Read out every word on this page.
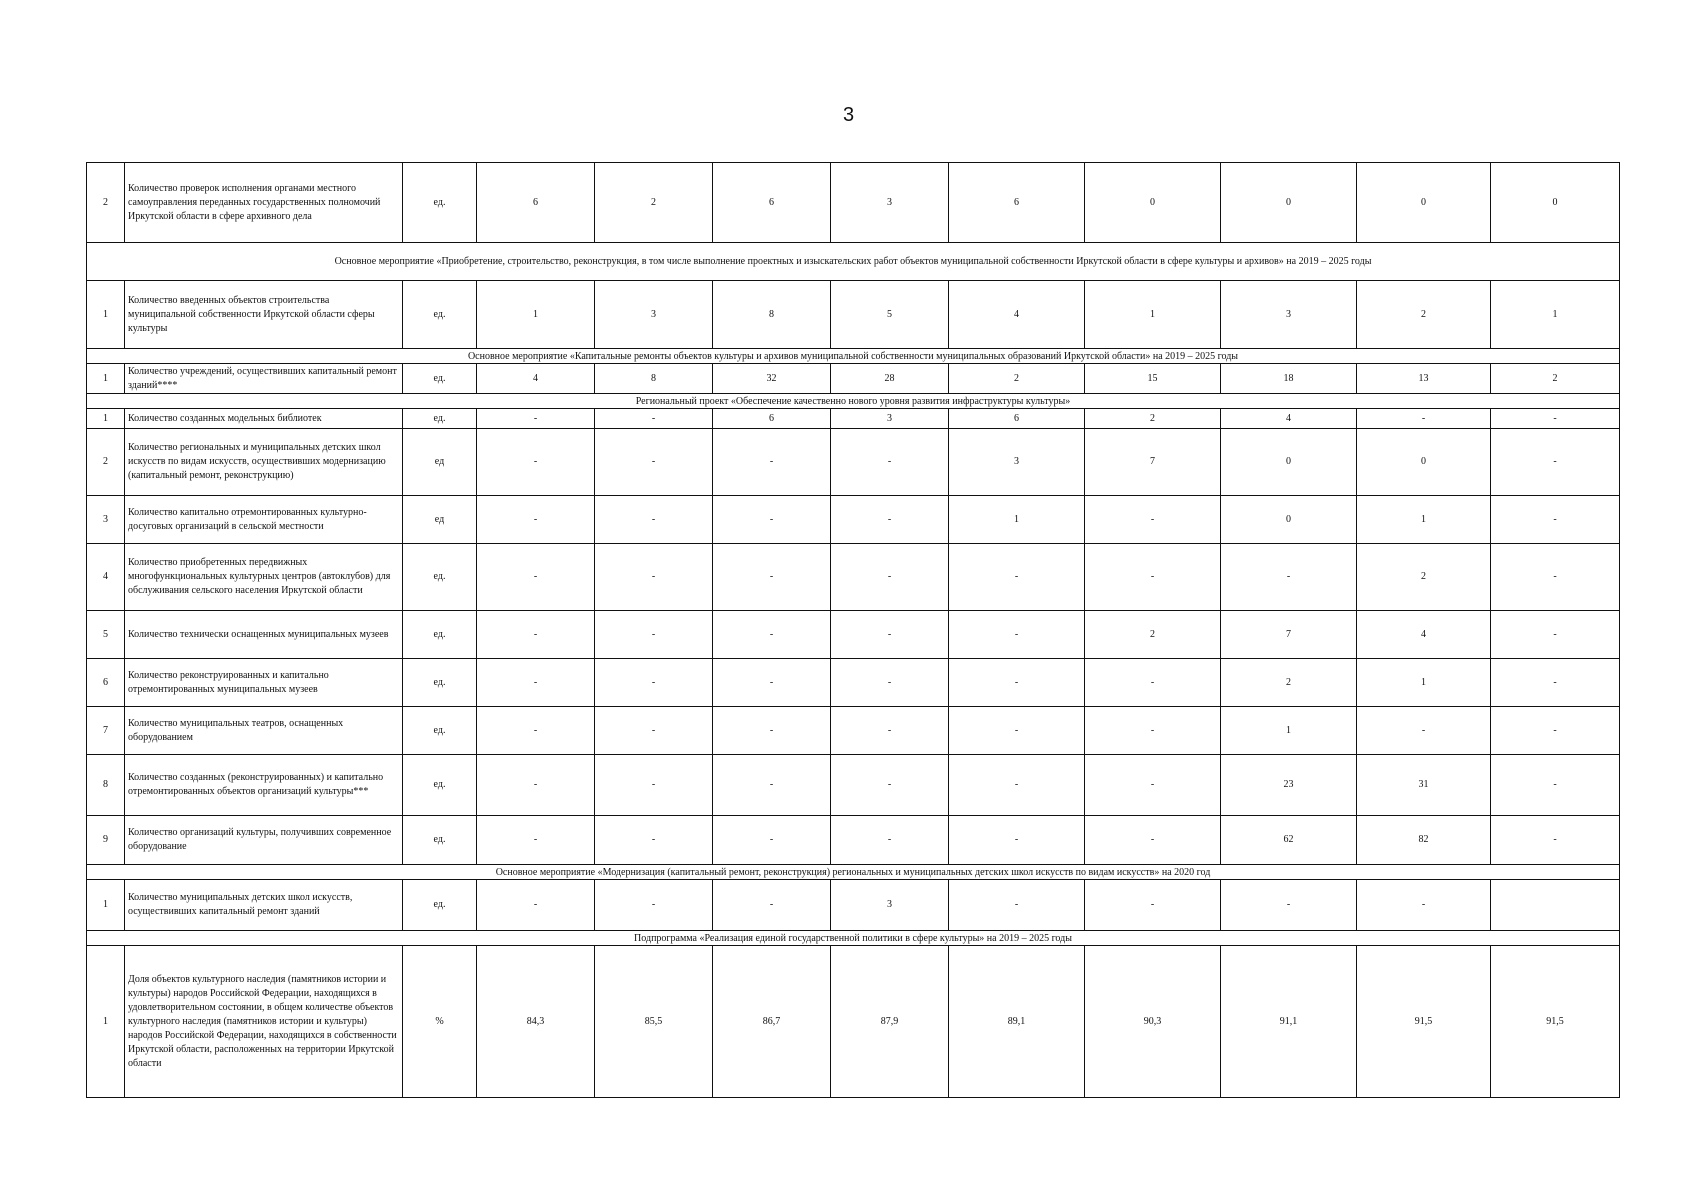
3
2	Количество проверок исполнения органами местного самоуправления переданных государственных полномочий Иркутской области в сфере архивного дела	ед.	6	2	6	3	6	0	0	0	0
Основное мероприятие «Приобретение, строительство, реконструкция, в том числе выполнение проектных и изыскательских работ объектов муниципальной собственности Иркутской области в сфере культуры и архивов» на 2019 – 2025 годы											
1	Количество введенных объектов строительства муниципальной собственности Иркутской области сферы культуры	ед.	1	3	8	5	4	1	3	2	1
Основное мероприятие «Капитальные ремонты объектов культуры и архивов муниципальной собственности муниципальных образований Иркутской области» на 2019 – 2025 годы											
1	Количество учреждений, осуществивших капитальный ремонт зданий****	ед.	4	8	32	28	2	15	18	13	2
Региональный проект «Обеспечение качественно нового уровня развития инфраструктуры культуры»											
1	Количество созданных модельных библиотек	ед.	-	-	6	3	6	2	4	-	-
2	Количество региональных и муниципальных детских школ искусств по видам искусств, осуществивших модернизацию (капитальный ремонт, реконструкцию)	ед	-	-	-	-	3	7	0	0	-
3	Количество капитально отремонтированных культурно-досуговых организаций в сельской местности	ед	-	-	-	-	1	-	0	1	-
4	Количество приобретенных передвижных многофункциональных культурных центров (автоклубов) для обслуживания сельского населения Иркутской области	ед.	-	-	-	-	-	-	-	2	-
5	Количество технически оснащенных муниципальных музеев	ед.	-	-	-	-	-	2	7	4	-
6	Количество реконструированных и капитально отремонтированных муниципальных музеев	ед.	-	-	-	-	-	-	2	1	-
7	Количество муниципальных театров, оснащенных оборудованием	ед.	-	-	-	-	-	-	1	-	-
8	Количество созданных (реконструированных) и капитально отремонтированных объектов организаций культуры***	ед.	-	-	-	-	-	-	23	31	-
9	Количество организаций культуры, получивших современное оборудование	ед.	-	-	-	-	-	-	62	82	-
Основное мероприятие «Модернизация (капитальный ремонт, реконструкция) региональных и муниципальных детских школ искусств по видам искусств» на 2020 год											
1	Количество муниципальных детских школ искусств, осуществивших капитальный ремонт зданий	ед.	-	-	-	3	-	-	-	-	
Подпрограмма «Реализация единой государственной политики в сфере культуры» на 2019 – 2025 годы											
1	Доля объектов культурного наследия (памятников истории и культуры) народов Российской Федерации, находящихся в удовлетворительном состоянии, в общем количестве объектов культурного наследия (памятников истории и культуры) народов Российской Федерации, находящихся в собственности Иркутской области, расположенных на территории Иркутской области	%	84,3	85,5	86,7	87,9	89,1	90,3	91,1	91,5	91,5
